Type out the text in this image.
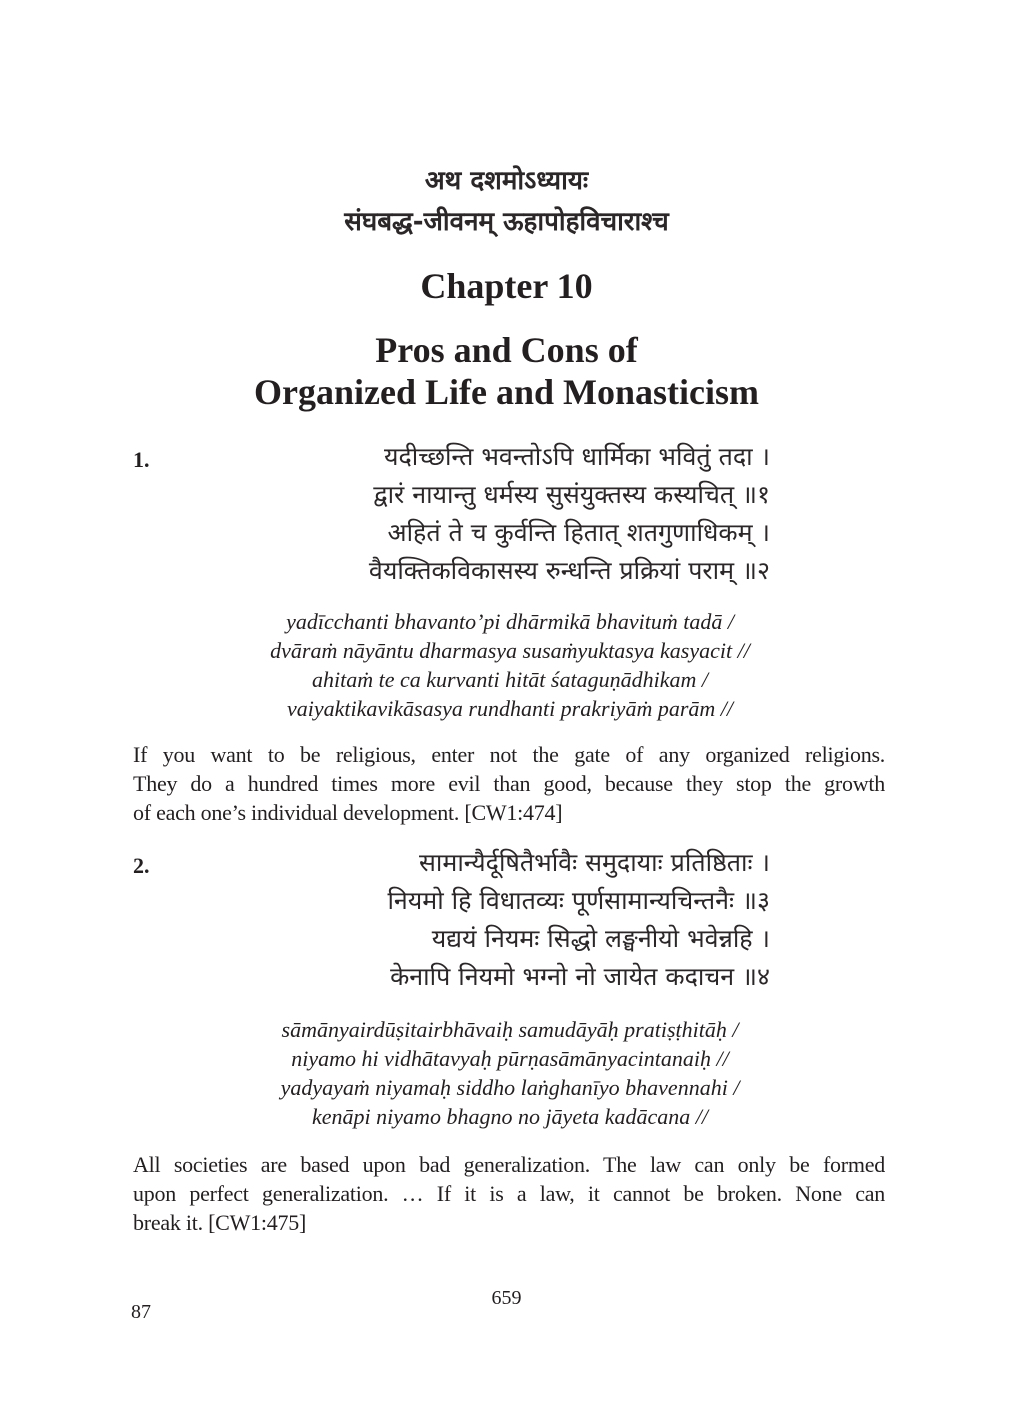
अथ दशमोऽध्यायः
संघबद्ध-जीवनम् ऊहापोहविचाराश्च
Chapter 10
Pros and Cons of
Organized Life and Monasticism
1.	यदीच्छन्ति भवन्तोऽपि धार्मिका भवितुं तदा ।
द्वारं नायान्तु धर्मस्य सुसंयुक्तस्य कस्यचित् ॥१
अहितं ते च कुर्वन्ति हितात् शतगुणाधिकम् ।
वैयक्तिकविकासस्य रुन्धन्ति प्रक्रियां पराम् ॥२
yadīcchanti bhavanto’pi dhārmikā bhavituṁ tadā /
dvāraṁ nāyāntu dharmasya susaṁyuktasya kasyacit //
ahitaṁ te ca kurvanti hitāt śataguṇādhikam /
vaiyaktikavikāsasya rundhanti prakriyāṁ parām //
If you want to be religious, enter not the gate of any organized religions.
They do a hundred times more evil than good, because they stop the growth
of each one’s individual development. [CW1:474]
2.	सामान्यैर्दूषितैर्भावैः समुदायाः प्रतिष्ठिताः ।
नियमो हि विधातव्यः पूर्णसामान्यचिन्तनैः ॥३
यद्ययं नियमः सिद्धो लङ्घनीयो भवेन्नहि ।
केनापि नियमो भग्नो नो जायेत कदाचन ॥४
sāmānyairdūṣitairbhāvaiḥ samudāyāḥ pratiṣṭhitāḥ /
niyamo hi vidhātavyaḥ pūrṇasāmānyacintanaiḥ //
yadyayaṁ niyamaḥ siddho laṅghanīyo bhavennahi /
kenāpi niyamo bhagno no jāyeta kadācana //
All societies are based upon bad generalization. The law can only be formed
upon perfect generalization. … If it is a law, it cannot be broken. None can
break it. [CW1:475]
659
87
